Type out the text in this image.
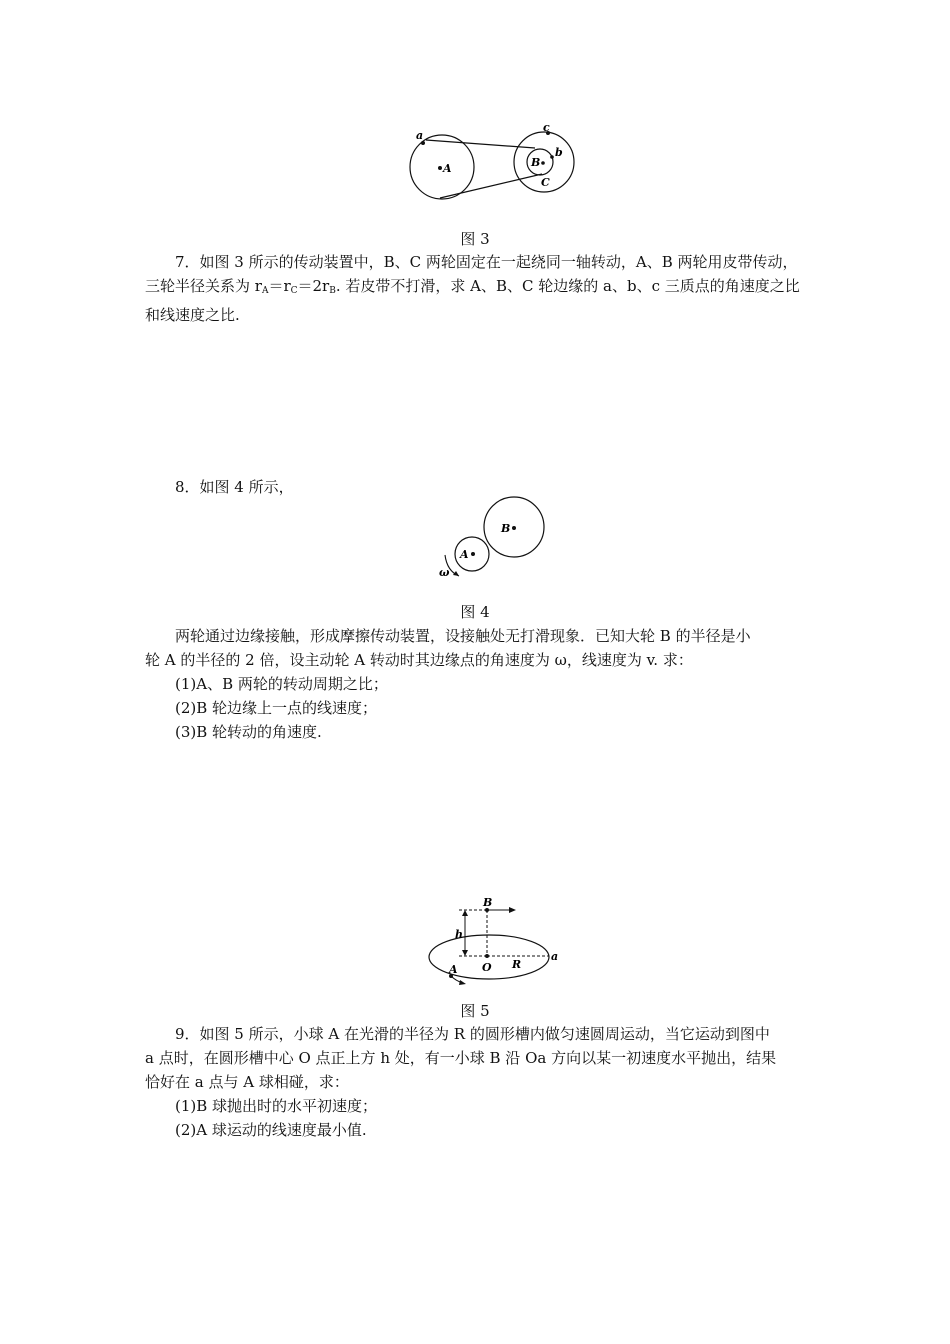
a
A
c
B
b
C
图 3
7．如图 3 所示的传动装置中，B、C 两轮固定在一起绕同一轴转动，A、B 两轮用皮带传动，
三轮半径关系为 $r_A=r_C=2r_B$. 若皮带不打滑，求 A、B、C 轮边缘的 a、b、c 三质点的角速度之比
和线速度之比.
8．如图 4 所示，
B
A
ω
图 4
两轮通过边缘接触，形成摩擦传动装置，设接触处无打滑现象．已知大轮 B 的半径是小
轮 A 的半径的 2 倍，设主动轮 A 转动时其边缘点的角速度为 ω，线速度为 v. 求：
(1)A、B 两轮的转动周期之比；
(2)B 轮边缘上一点的线速度；
(3)B 轮转动的角速度.
B
h
O R
a
A
图 5
9．如图 5 所示，小球 A 在光滑的半径为 R 的圆形槽内做匀速圆周运动，当它运动到图中
a 点时，在圆形槽中心 O 点正上方 h 处，有一小球 B 沿 Oa 方向以某一初速度水平抛出，结果
恰好在 a 点与 A 球相碰，求：
(1)B 球抛出时的水平初速度；
(2)A 球运动的线速度最小值.
